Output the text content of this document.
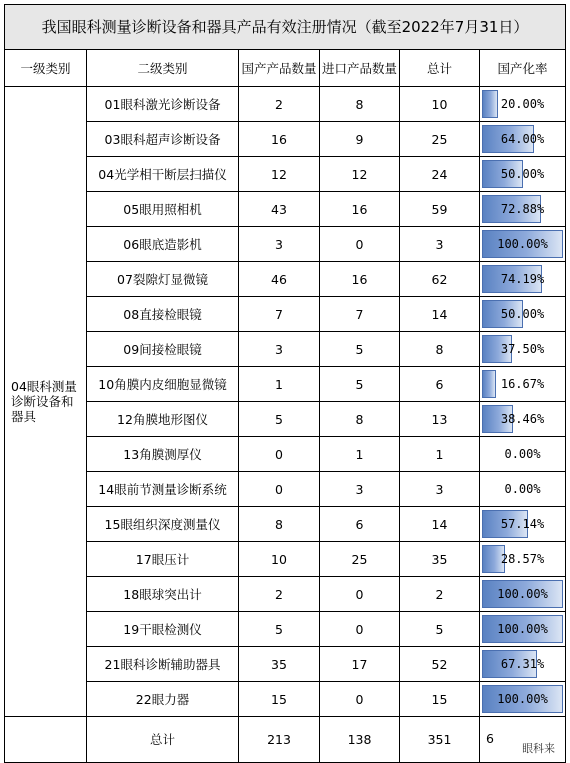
我国眼科测量诊断设备和器具产品有效注册情况（截至2022年7月31日）					
一级类别	二级类别	国产产品数量	进口产品数量	总计	国产化率
04眼科测量诊断设备和器具	01眼科激光诊断设备	2	8	10	20.00%
	03眼科超声诊断设备	16	9	25	64.00%
	04光学相干断层扫描仪	12	12	24	50.00%
	05眼用照相机	43	16	59	72.88%
	06眼底造影机	3	0	3	100.00%
	07裂隙灯显微镜	46	16	62	74.19%
	08直接检眼镜	7	7	14	50.00%
	09间接检眼镜	3	5	8	37.50%
	10角膜内皮细胞显微镜	1	5	6	16.67%
	12角膜地形图仪	5	8	13	38.46%
	13角膜测厚仪	0	1	1	0.00%
	14眼前节测量诊断系统	0	3	3	0.00%
	15眼组织深度测量仪	8	6	14	57.14%
	17眼压计	10	25	35	28.57%
	18眼球突出计	2	0	2	100.00%
	19干眼检测仪	5	0	5	100.00%
	21眼科诊断辅助器具	35	17	52	67.31%
	22眼力器	15	0	15	100.00%
	总计	213	138	351	6
眼科来
